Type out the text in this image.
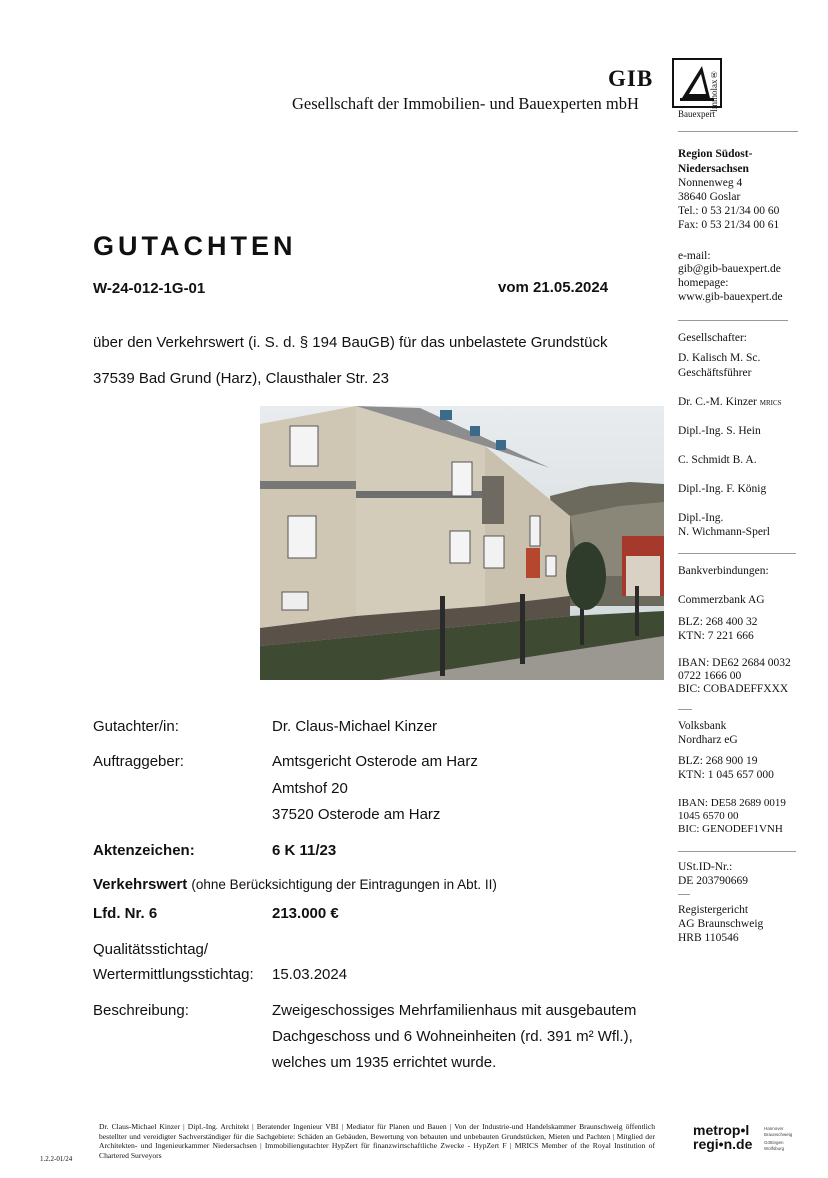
GIB
Gesellschaft der Immobilien- und Bauexperten mbH	Immolax®
Bauexpert
Region Südost-
Niedersachsen
Nonnenweg 4
38640 Goslar
Tel.: 0 53 21/34 00 60
Fax: 0 53 21/34 00 61
e-mail:
gib@gib-bauexpert.de
homepage:
www.gib-bauexpert.de
Gesellschafter:
D. Kalisch M. Sc.
Geschäftsführer
Dr. C.-M. Kinzer MRICS
Dipl.-Ing. S. Hein
C. Schmidt B. A.
Dipl.-Ing. F. König
Dipl.-Ing.
N. Wichmann-Sperl
Bankverbindungen:
Commerzbank AG
BLZ: 268 400 32
KTN: 7 221 666
IBAN: DE62 2684 0032
0722 1666 00
BIC: COBADEFFXXX
Volksbank
Nordharz eG
BLZ: 268 900 19
KTN: 1 045 657 000
IBAN: DE58 2689 0019
1045 6570 00
BIC: GENODEF1VNH
USt.ID-Nr.:
DE 203790669
Registergericht
AG Braunschweig
HRB 110546
GUTACHTEN
W-24-012-1G-01	vom 21.05.2024
über den Verkehrswert (i. S. d. § 194 BauGB) für das unbelastete Grundstück
37539 Bad Grund (Harz), Clausthaler Str. 23
Gutachter/in:	Dr. Claus-Michael Kinzer
Auftraggeber:	Amtsgericht Osterode am Harz
Amtshof 20
37520 Osterode am Harz
Aktenzeichen:	6 K 11/23
Verkehrswert (ohne Berücksichtigung der Eintragungen in Abt. II)
Lfd. Nr. 6	213.000 €
Qualitätsstichtag/
Wertermittlungsstichtag: 15.03.2024
Beschreibung:	Zweigeschossiges Mehrfamilienhaus mit ausgebautem
Dachgeschoss und 6 Wohneinheiten (rd. 391 m² Wfl.),
welches um 1935 errichtet wurde.
Dr. Claus-Michael Kinzer | Dipl.-Ing. Architekt | Beratender Ingenieur VBI | Mediator für Planen und Bauen | Von der Industrie-und Handelskammer Braunschweig öffentlich bestellter und vereidigter Sachverständiger für die Sachgebiete: Schäden an Gebäuden, Bewertung von bebauten und unbebauten Grundstücken, Mieten und Pachten | Mitglied der Architekten- und Ingenieurkammer Niedersachsen | Immobiliengutachter HypZert für finanzwirtschaftliche Zwecke - HypZert F | MRICS Member of the Royal Institution of Chartered Surveyors
1.2.2-01/24
metrop•l
regi•n.de
Hannover Braunschweig
Göttingen Wolfsburg
